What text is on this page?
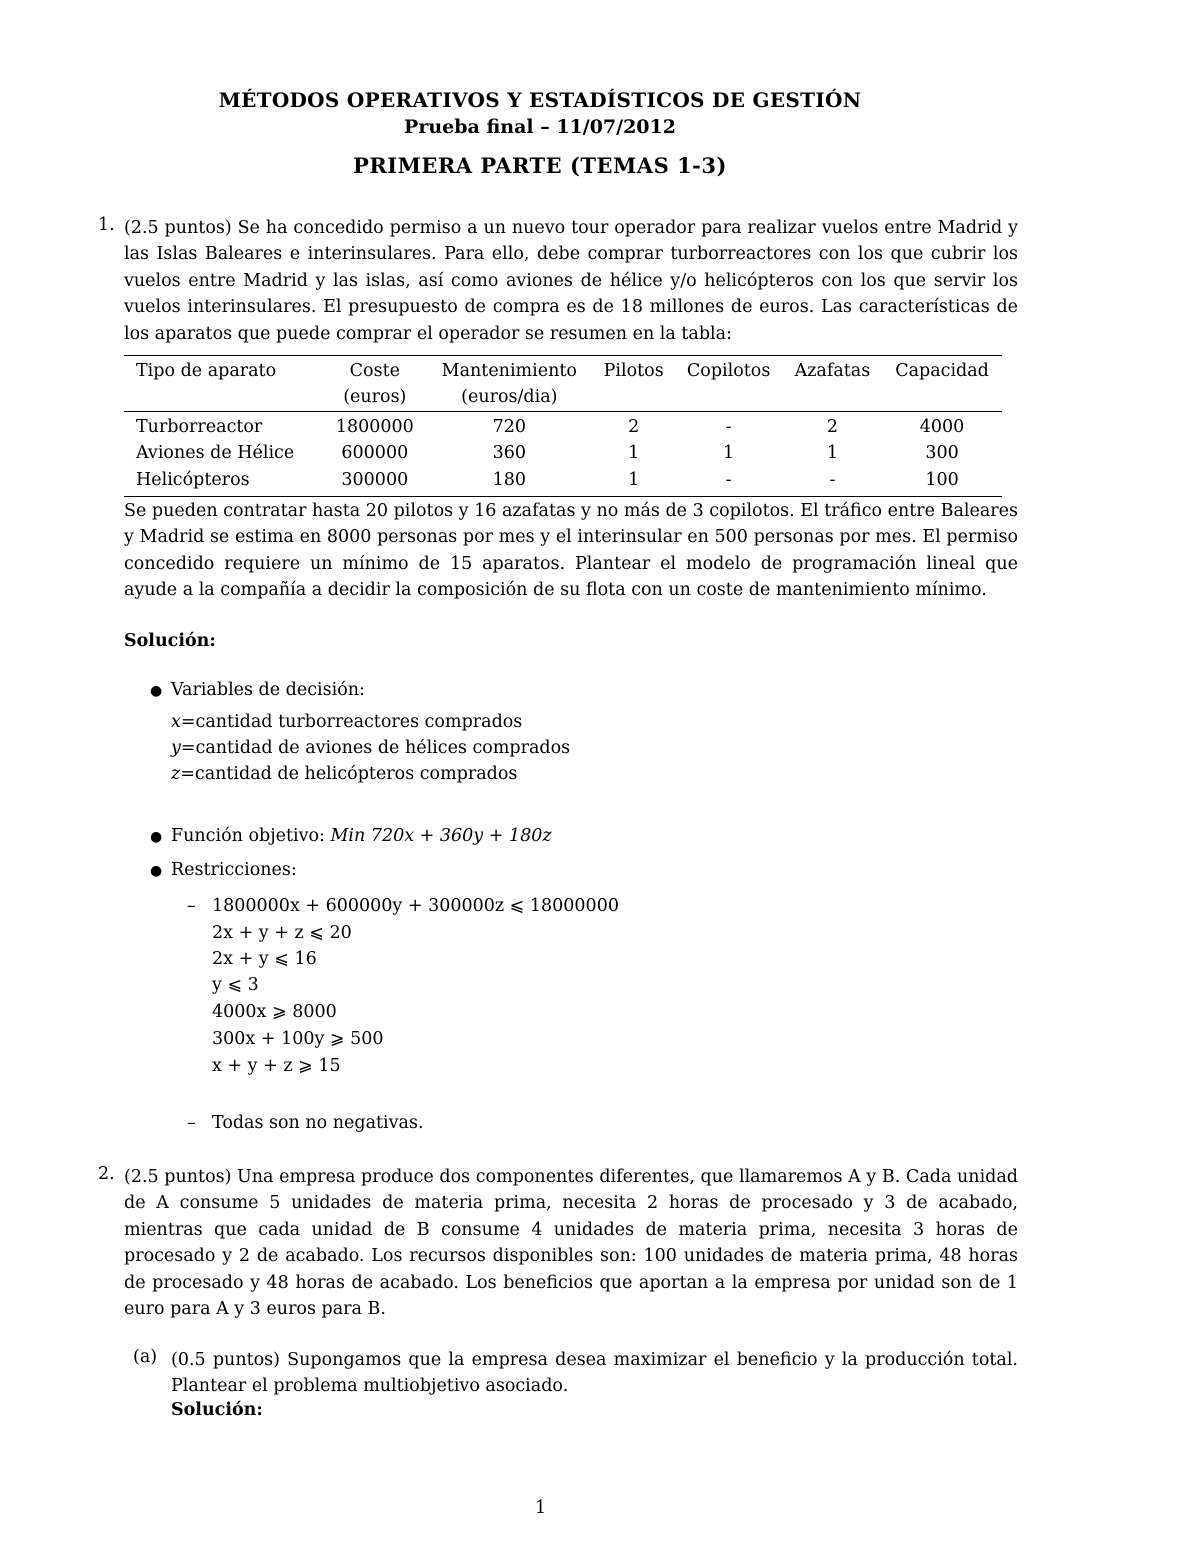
MÉTODOS OPERATIVOS Y ESTADÍSTICOS DE GESTIÓN
Prueba final – 11/07/2012
PRIMERA PARTE (TEMAS 1-3)
1. (2.5 puntos) Se ha concedido permiso a un nuevo tour operador para realizar vuelos entre Madrid y las Islas Baleares e interinsulares. Para ello, debe comprar turborreactores con los que cubrir los vuelos entre Madrid y las islas, así como aviones de hélice y/o helicópteros con los que servir los vuelos interinsulares. El presupuesto de compra es de 18 millones de euros. Las características de los aparatos que puede comprar el operador se resumen en la tabla:
Tipo de aparato	Coste	Mantenimiento	Pilotos	Copilotos	Azafatas	Capacidad
	(euros)	(euros/dia)				
Turborreactor	1800000	720	2	-	2	4000
Aviones de Hélice	600000	360	1	1	1	300
Helicópteros	300000	180	1	-	-	100
Se pueden contratar hasta 20 pilotos y 16 azafatas y no más de 3 copilotos. El tráfico entre Baleares y Madrid se estima en 8000 personas por mes y el interinsular en 500 personas por mes. El permiso concedido requiere un mínimo de 15 aparatos. Plantear el modelo de programación lineal que ayude a la compañía a decidir la composición de su flota con un coste de mantenimiento mínimo.
Solución:
● Variables de decisión:
x=cantidad turborreactores comprados
y=cantidad de aviones de hélices comprados
z=cantidad de helicópteros comprados
● Función objetivo: Min 720x + 360y + 180z
● Restricciones:
– 1800000x + 600000y + 300000z ⩽ 18000000
2x + y + z ⩽ 20
2x + y ⩽ 16
y ⩽ 3
4000x ⩾ 8000
300x + 100y ⩾ 500
x + y + z ⩾ 15
– Todas son no negativas.
2. (2.5 puntos) Una empresa produce dos componentes diferentes, que llamaremos A y B. Cada unidad de A consume 5 unidades de materia prima, necesita 2 horas de procesado y 3 de acabado, mientras que cada unidad de B consume 4 unidades de materia prima, necesita 3 horas de procesado y 2 de acabado. Los recursos disponibles son: 100 unidades de materia prima, 48 horas de procesado y 48 horas de acabado. Los beneficios que aportan a la empresa por unidad son de 1 euro para A y 3 euros para B.
(a) (0.5 puntos) Supongamos que la empresa desea maximizar el beneficio y la producción total. Plantear el problema multiobjetivo asociado.
Solución:
1
